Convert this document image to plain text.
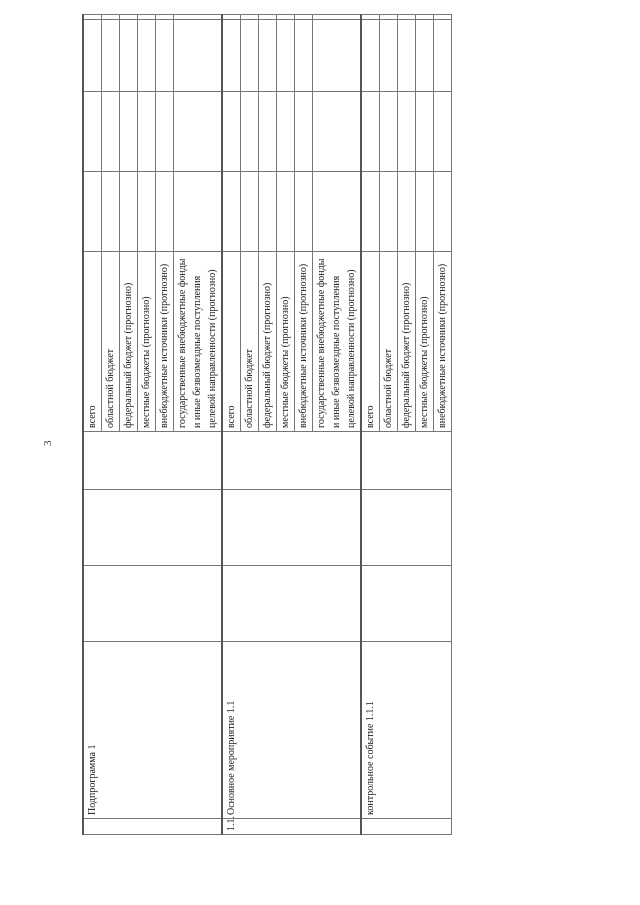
3
	Подпрограмма 1				всего				
					областной бюджет				
					федеральный бюджет (прогнозно)				
					местные бюджеты (прогнозно)				
					внебюджетные источники (прогнозно)				
					государственные внебюджетные фонды и иные безвозмездные поступления целевой направленности (прогнозно)				
1.1.	Основное мероприятие 1.1				всего				
					областной бюджет				
					федеральный бюджет (прогнозно)				
					местные бюджеты (прогнозно)				
					внебюджетные источники (прогнозно)				
					государственные внебюджетные фонды и иные безвозмездные поступления целевой направленности (прогнозно)				
	контрольное событие 1.1.1				всего				
					областной бюджет				
					федеральный бюджет (прогнозно)				
					местные бюджеты (прогнозно)				
					внебюджетные источники (прогнозно)				
